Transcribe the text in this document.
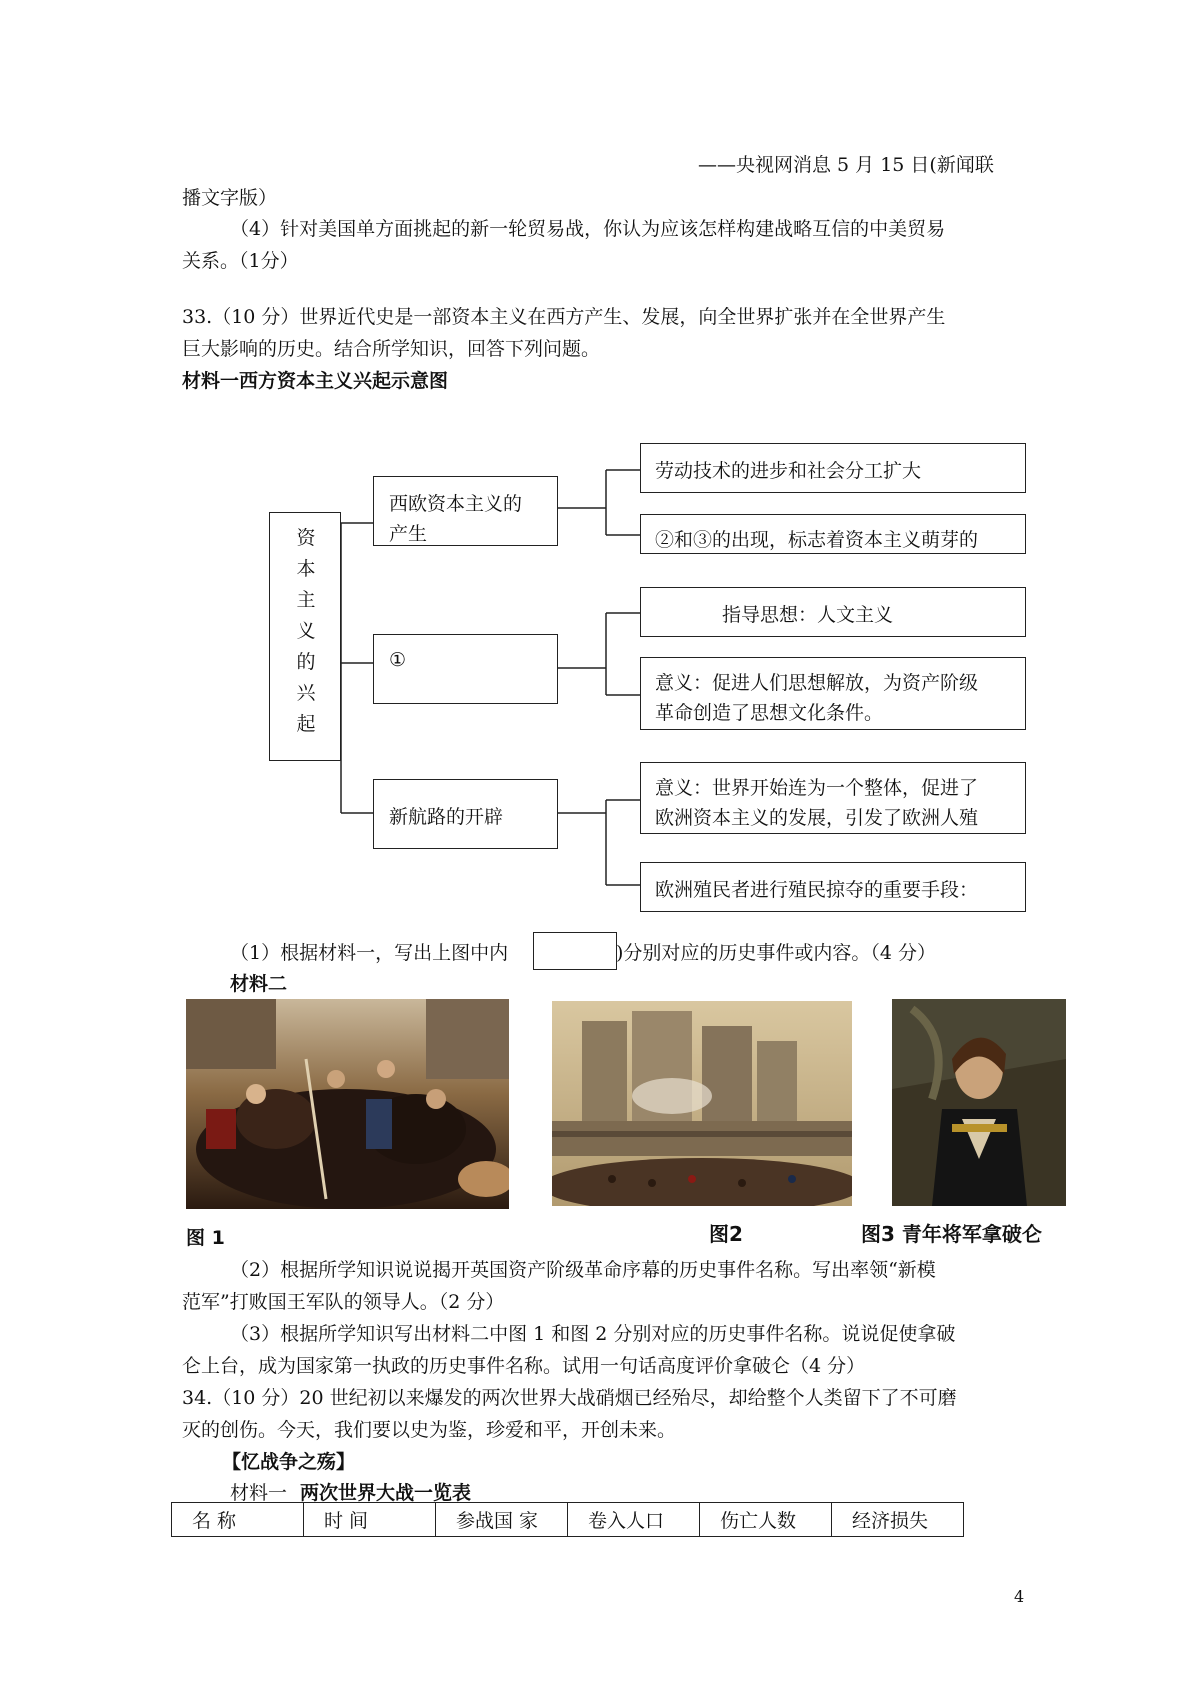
——央视网消息 5 月 15 日(新闻联
播文字版）
（4）针对美国单方面挑起的新一轮贸易战，你认为应该怎样构建战略互信的中美贸易
关系。（1分）
33.（10 分）世界近代史是一部资本主义在西方产生、发展，向全世界扩张并在全世界产生
巨大影响的历史。结合所学知识，回答下列问题。
材料一西方资本主义兴起示意图
资本主义的兴起
西欧资本主义的
产生
①
新航路的开辟
劳动技术的进步和社会分工扩大
②和③的出现，标志着资本主义萌芽的
指导思想：人文主义
意义：促进人们思想解放，为资产阶级
革命创造了思想文化条件。
意义：世界开始连为一个整体，促进了
欧洲资本主义的发展，引发了欧洲人殖
欧洲殖民者进行殖民掠夺的重要手段：
（1）根据材料一，写出上图中内	)分别对应的历史事件或内容。（4 分）
材料二
图 1	图2	图3 青年将军拿破仑
（2）根据所学知识说说揭开英国资产阶级革命序幕的历史事件名称。写出率领“新模
范军”打败国王军队的领导人。（2 分）
（3）根据所学知识写出材料二中图 1 和图 2 分别对应的历史事件名称。说说促使拿破
仑上台，成为国家第一执政的历史事件名称。试用一句话高度评价拿破仑（4 分）
34.（10 分）20 世纪初以来爆发的两次世界大战硝烟已经殆尽，却给整个人类留下了不可磨
灭的创伤。今天，我们要以史为鉴，珍爱和平，开创未来。
【忆战争之殇】
材料一 两次世界大战一览表
名 称	时 间	参战国 家	卷入人口	伤亡人数	经济损失
4
